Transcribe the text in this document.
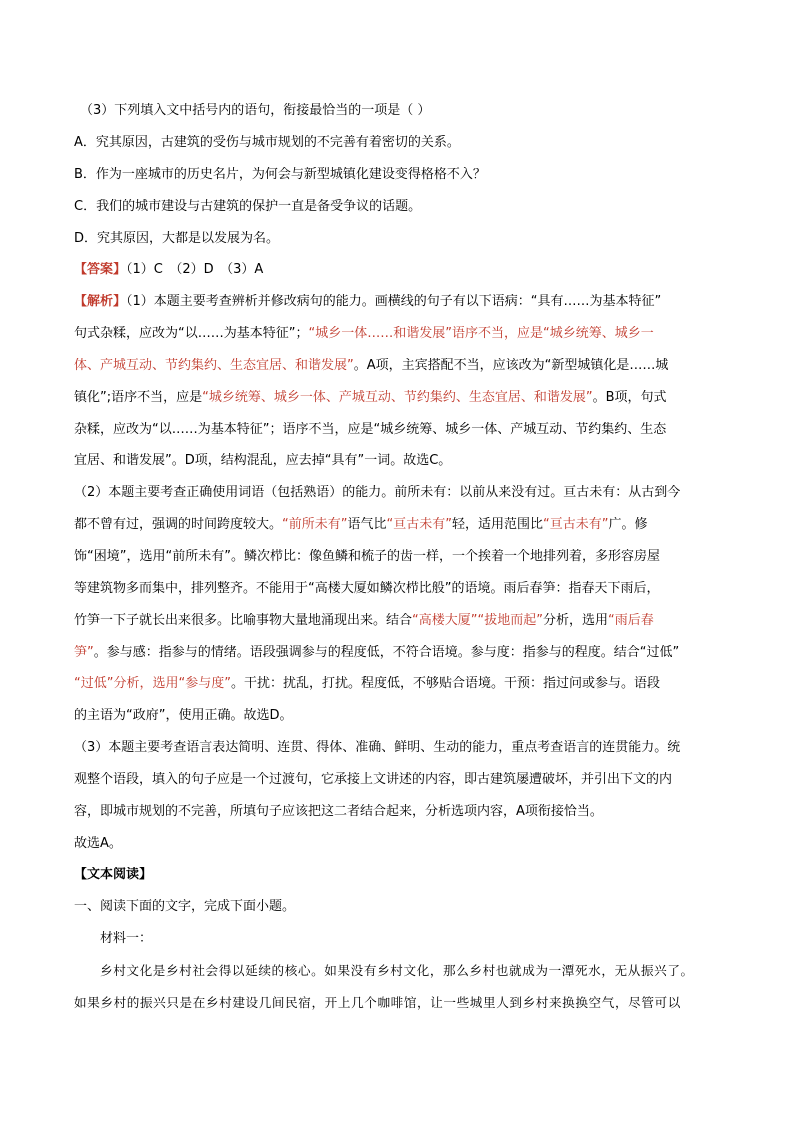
（3）下列填入文中括号内的语句，衔接最恰当的一项是（ ）
A．究其原因，古建筑的受伤与城市规划的不完善有着密切的关系。
B．作为一座城市的历史名片，为何会与新型城镇化建设变得格格不入？
C．我们的城市建设与古建筑的保护一直是备受争议的话题。
D．究其原因，大都是以发展为名。
【答案】（1）C　（2）D　（3）A
【解析】（1）本题主要考查辨析并修改病句的能力。画横线的句子有以下语病：“具有……为基本特征”
句式杂糅，应改为“以……为基本特征”；“城乡一体……和谐发展”语序不当，应是“城乡统筹、城乡一
体、产城互动、节约集约、生态宜居、和谐发展”。A项，主宾搭配不当，应该改为“新型城镇化是……城
镇化”;语序不当，应是“城乡统筹、城乡一体、产城互动、节约集约、生态宜居、和谐发展”。B项，句式
杂糅，应改为“以……为基本特征”；语序不当，应是“城乡统筹、城乡一体、产城互动、节约集约、生态
宜居、和谐发展”。D项，结构混乱，应去掉“具有”一词。故选C。
（2）本题主要考查正确使用词语（包括熟语）的能力。前所未有：以前从来没有过。亘古未有：从古到今
都不曾有过，强调的时间跨度较大。“前所未有”语气比“亘古未有”轻，适用范围比“亘古未有”广。修
饰“困境”，选用“前所未有”。鳞次栉比：像鱼鳞和梳子的齿一样，一个挨着一个地排列着，多形容房屋
等建筑物多而集中，排列整齐。不能用于“高楼大厦如鳞次栉比般”的语境。雨后春笋：指春天下雨后，
竹笋一下子就长出来很多。比喻事物大量地涌现出来。结合“高楼大厦”“拔地而起”分析，选用“雨后春
笋”。参与感：指参与的情绪。语段强调参与的程度低，不符合语境。参与度：指参与的程度。结合“过低”
“过低”分析，选用“参与度”。干扰：扰乱，打扰。程度低，不够贴合语境。干预：指过问或参与。语段
的主语为“政府”，使用正确。故选D。
（3）本题主要考查语言表达简明、连贯、得体、准确、鲜明、生动的能力，重点考查语言的连贯能力。统
观整个语段，填入的句子应是一个过渡句，它承接上文讲述的内容，即古建筑屡遭破坏，并引出下文的内
容，即城市规划的不完善，所填句子应该把这二者结合起来，分析选项内容，A项衔接恰当。
故选A。
【文本阅读】
一、阅读下面的文字，完成下面小题。
材料一：
乡村文化是乡村社会得以延续的核心。如果没有乡村文化，那么乡村也就成为一潭死水，无从振兴了。
如果乡村的振兴只是在乡村建设几间民宿，开上几个咖啡馆，让一些城里人到乡村来换换空气，尽管可以
